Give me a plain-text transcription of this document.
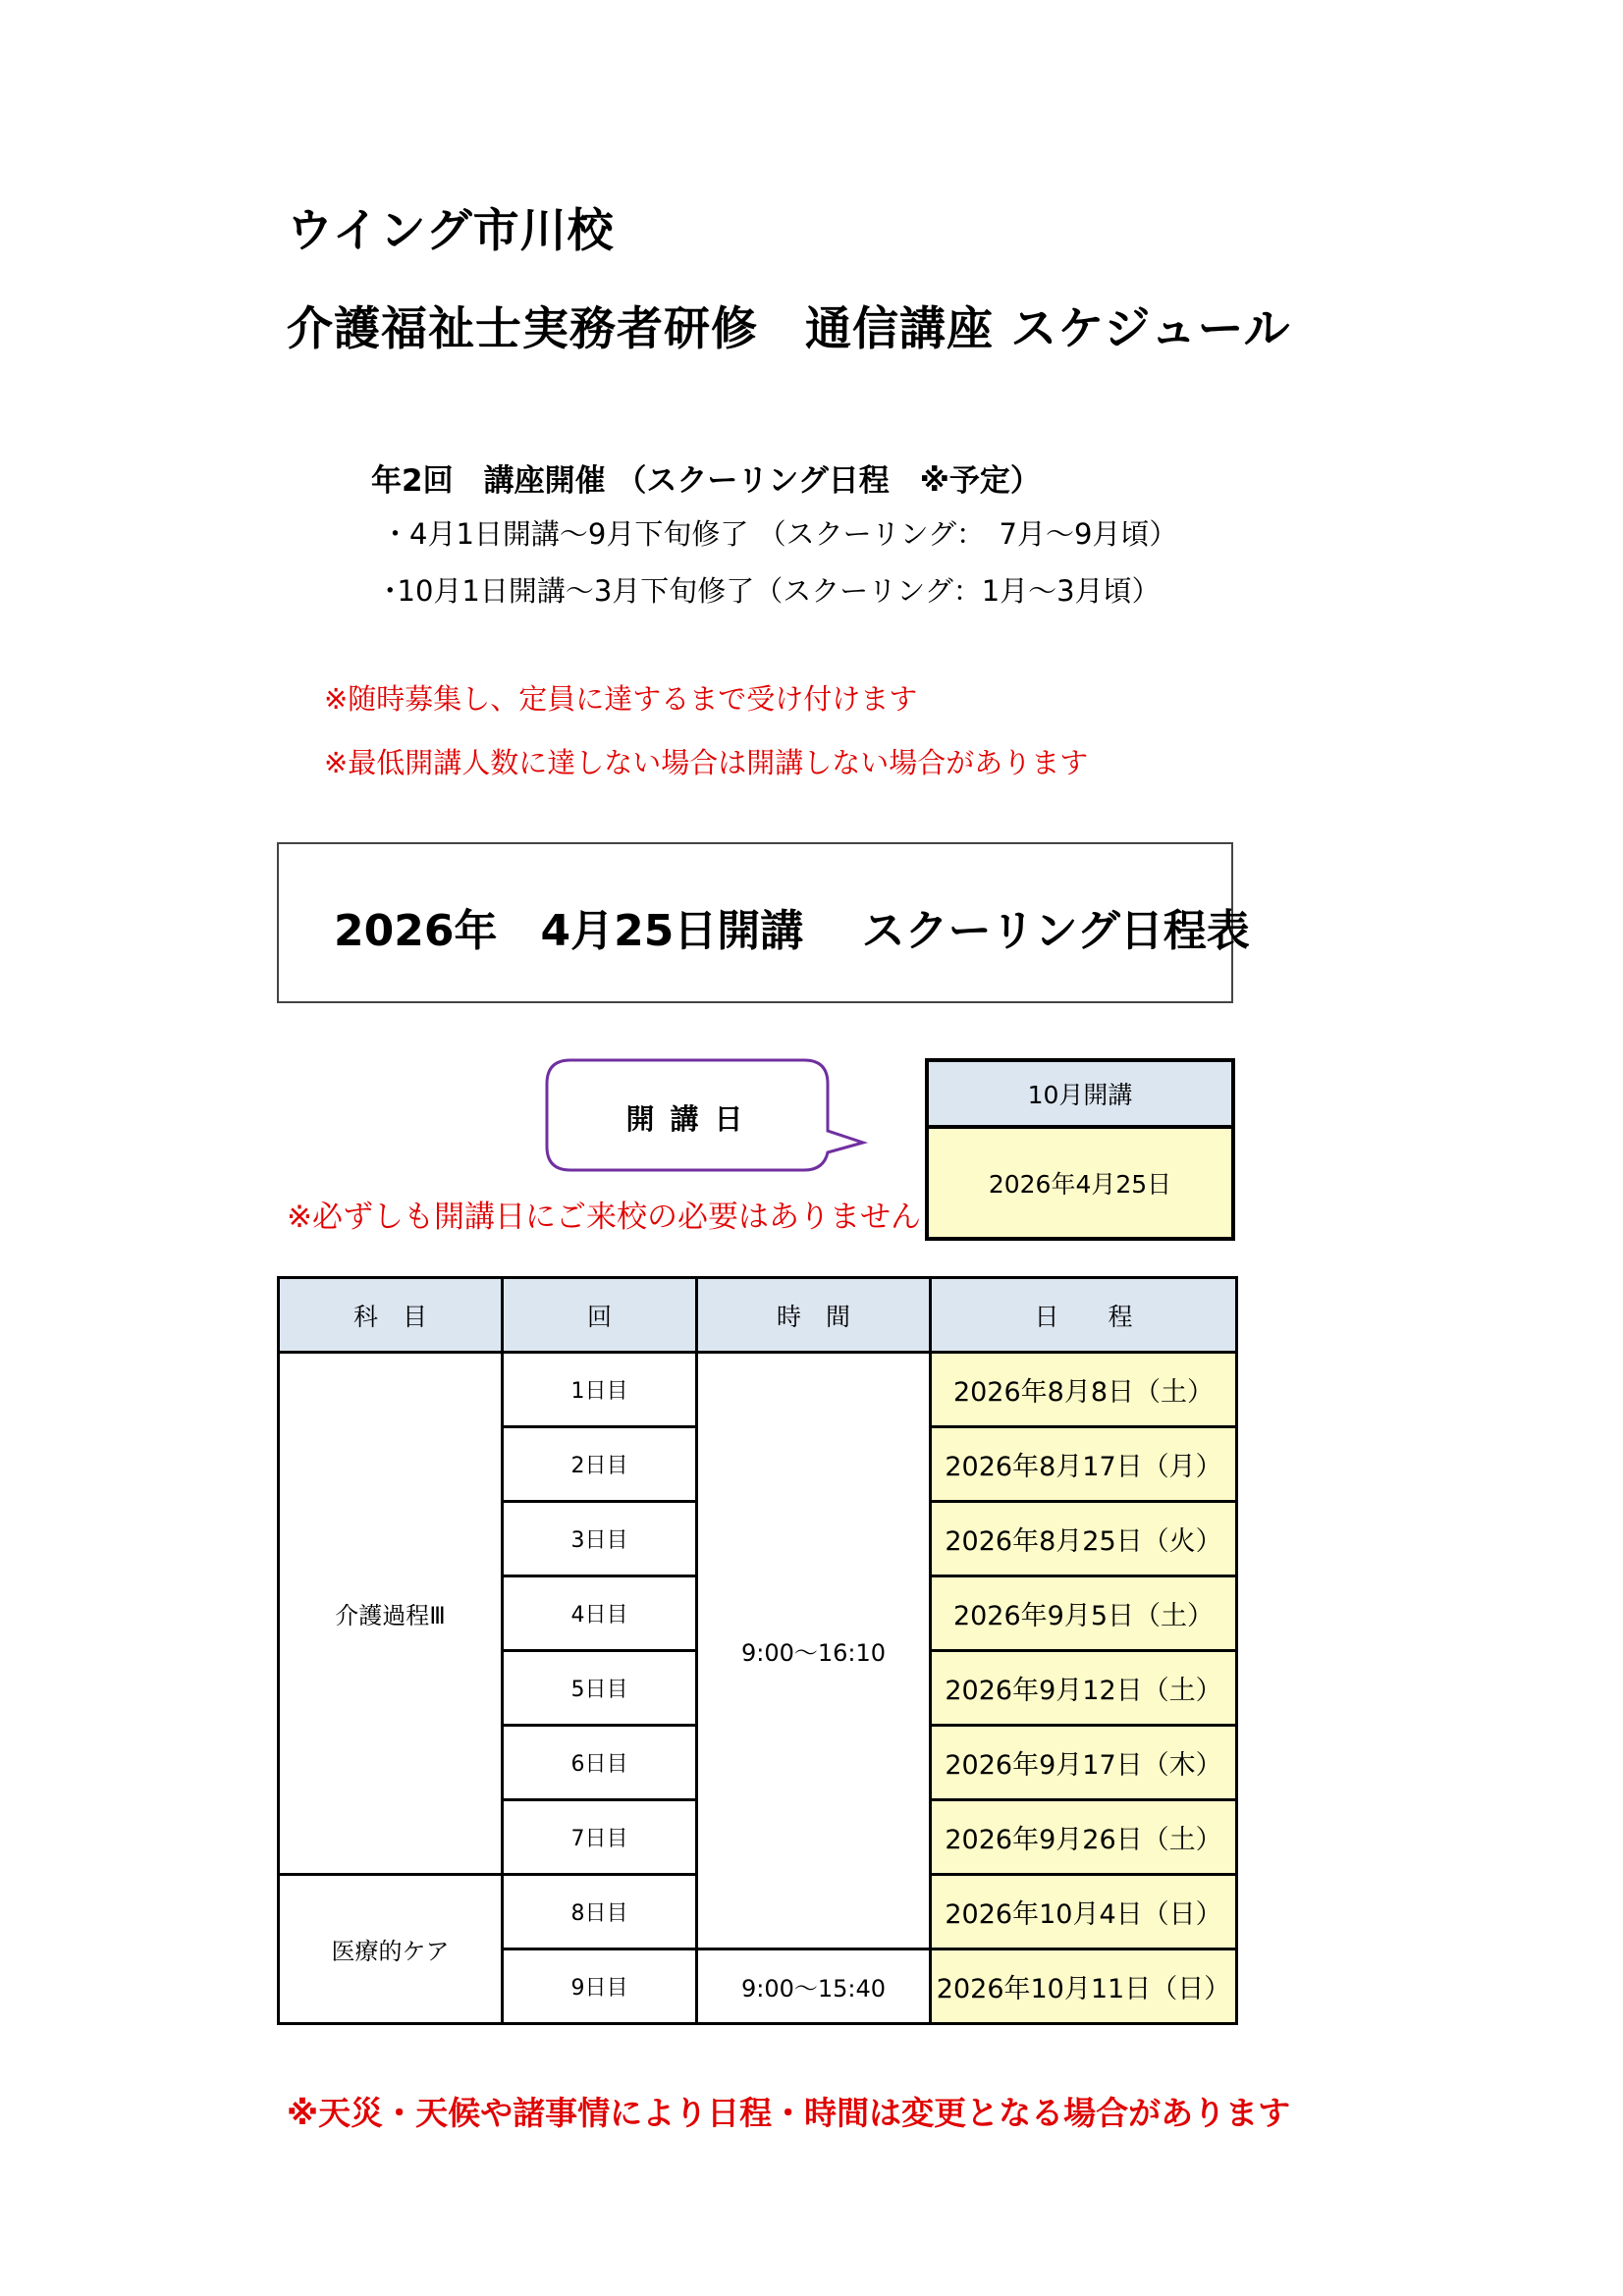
ウイング市川校
介護福祉士実務者研修　通信講座 スケジュール
年2回　講座開催 （スクーリング日程　※予定）
・4月1日開講～9月下旬修了 （スクーリング：　7月～9月頃）
･10月1日開講～3月下旬修了（スクーリング：1月～3月頃）
※随時募集し、定員に達するまで受け付けます
※最低開講人数に達しない場合は開講しない場合があります
2026年　4月25日開講　 スクーリング日程表
開講日
※必ずしも開講日にご来校の必要はありません
10月開講
2026年4月25日
科　目	回	時　間	日　　程
介護過程Ⅲ	1日目	9:00～16:10	2026年8月8日（土）
	2日目		2026年8月17日（月）
	3日目		2026年8月25日（火）
	4日目		2026年9月5日（土）
	5日目		2026年9月12日（土）
	6日目		2026年9月17日（木）
	7日目		2026年9月26日（土）
医療的ケア	8日目		2026年10月4日（日）
	9日目	9:00～15:40	2026年10月11日（日）
※天災・天候や諸事情により日程・時間は変更となる場合があります
